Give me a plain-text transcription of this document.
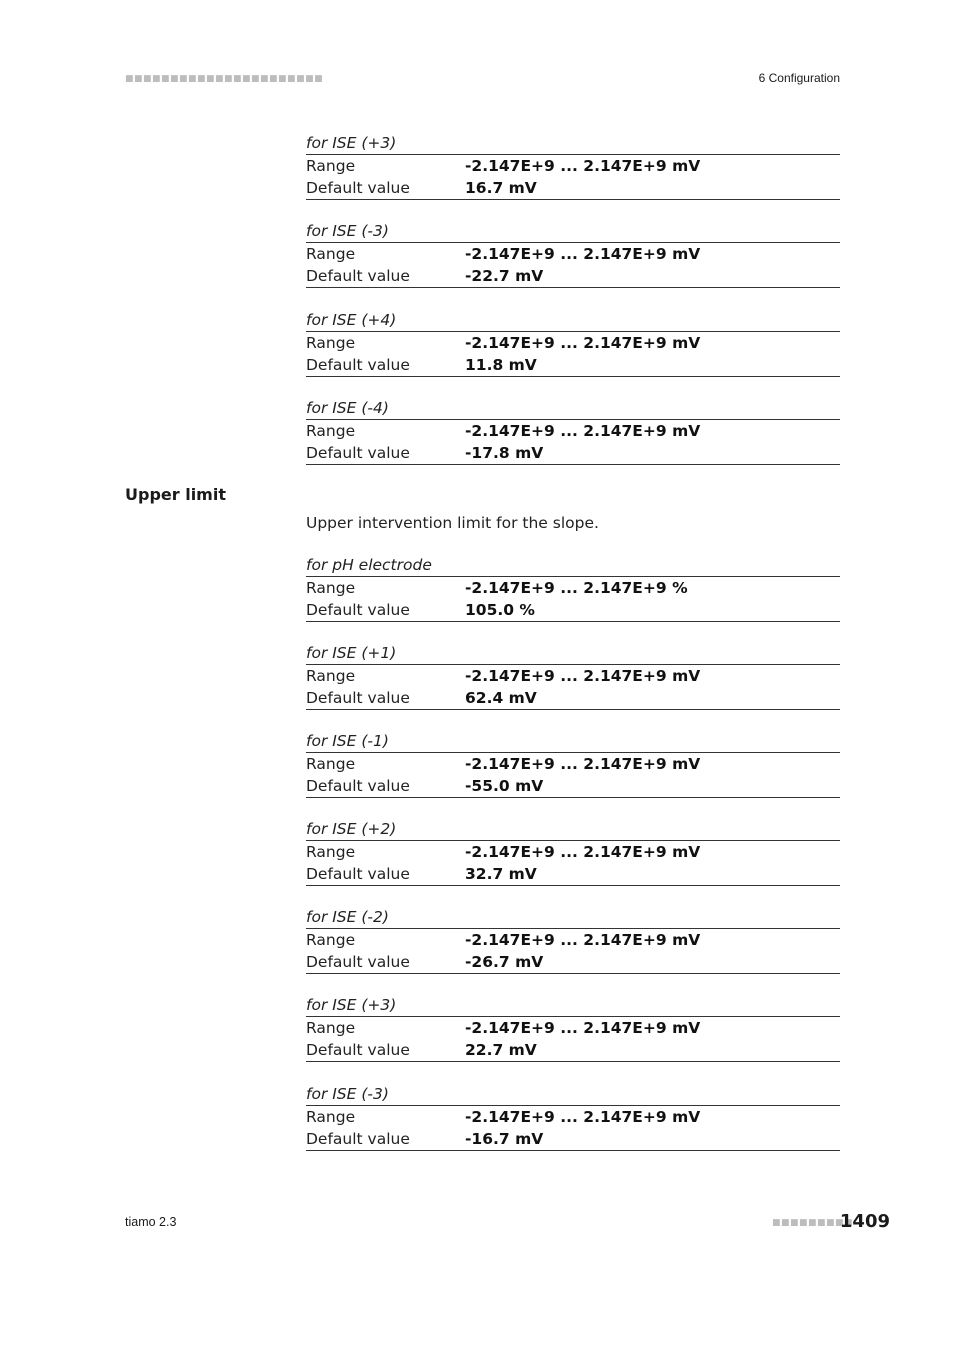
■■■■■■■■■■■■■■■■■■■■■■	6 Configuration
for ISE (+3)
Range	-2.147E+9 ... 2.147E+9 mV
Default value	16.7 mV
for ISE (-3)
Range	-2.147E+9 ... 2.147E+9 mV
Default value	-22.7 mV
for ISE (+4)
Range	-2.147E+9 ... 2.147E+9 mV
Default value	11.8 mV
for ISE (-4)
Range	-2.147E+9 ... 2.147E+9 mV
Default value	-17.8 mV
Upper limit
Upper intervention limit for the slope.
for pH electrode
Range	-2.147E+9 ... 2.147E+9 %
Default value	105.0 %
for ISE (+1)
Range	-2.147E+9 ... 2.147E+9 mV
Default value	62.4 mV
for ISE (-1)
Range	-2.147E+9 ... 2.147E+9 mV
Default value	-55.0 mV
for ISE (+2)
Range	-2.147E+9 ... 2.147E+9 mV
Default value	32.7 mV
for ISE (-2)
Range	-2.147E+9 ... 2.147E+9 mV
Default value	-26.7 mV
for ISE (+3)
Range	-2.147E+9 ... 2.147E+9 mV
Default value	22.7 mV
for ISE (-3)
Range	-2.147E+9 ... 2.147E+9 mV
Default value	-16.7 mV
tiamo 2.3	■■■■■■■■■
1409
